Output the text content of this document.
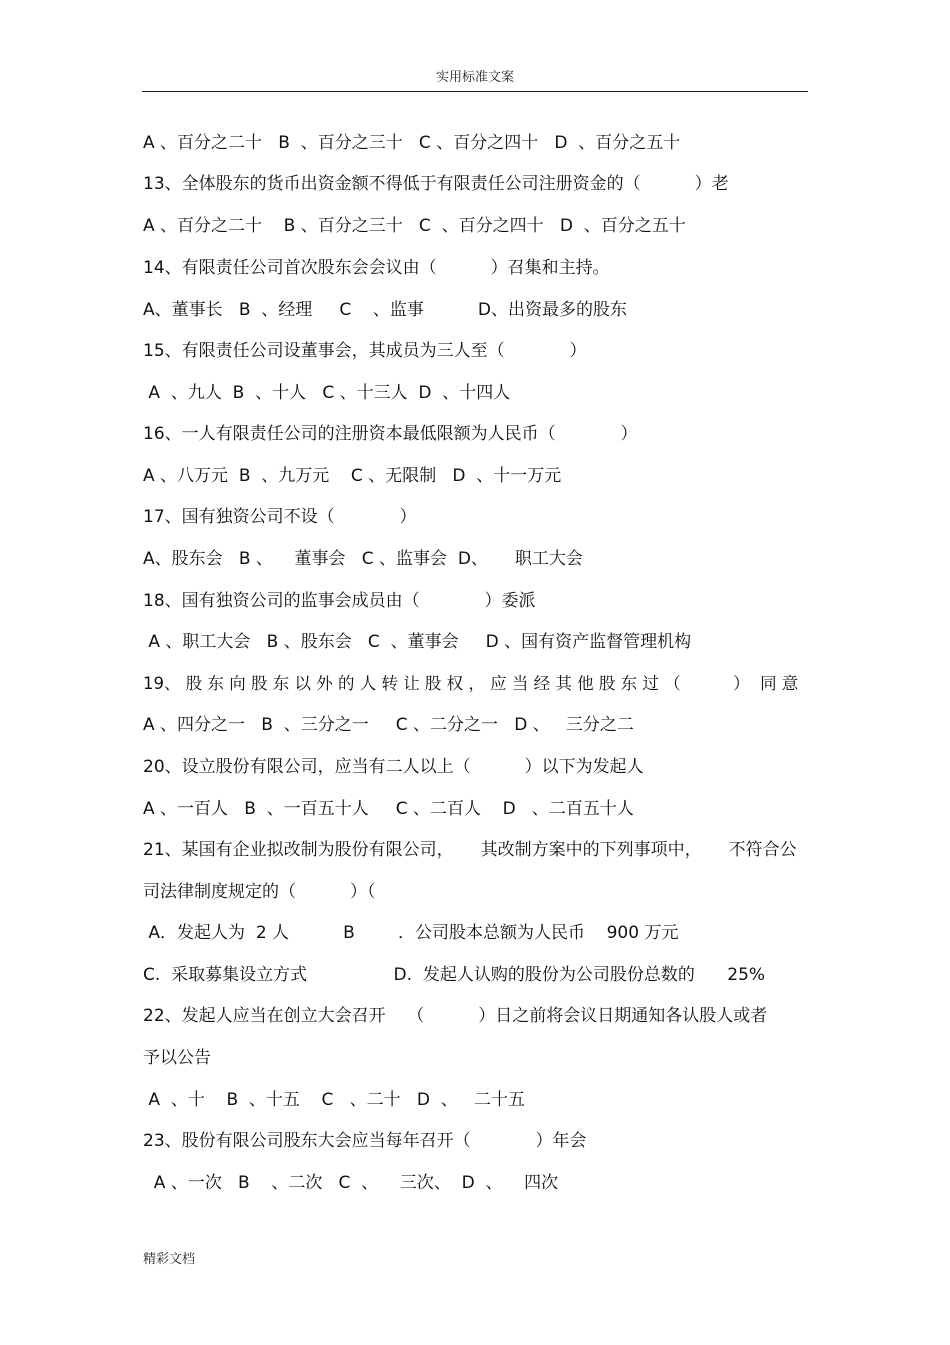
实用标准文案
A 、百分之二十   B  、百分之三十   C 、百分之四十   D  、百分之五十
13、全体股东的货币出资金额不得低于有限责任公司注册资金的（          ）老
A 、百分之二十    B 、百分之三十   C  、百分之四十   D  、百分之五十
14、有限责任公司首次股东会会议由（          ）召集和主持。
A、董事长   B  、经理     C    、监事          D、出资最多的股东
15、有限责任公司设董事会，其成员为三人至（            ）
A  、九人  B  、十人   C 、十三人  D  、十四人
16、一人有限责任公司的注册资本最低限额为人民币（            ）
A 、八万元  B  、九万元    C 、无限制   D  、十一万元
17、国有独资公司不设（            ）
A、股东会   B 、    董事会   C 、监事会  D、     职工大会
18、国有独资公司的监事会成员由（            ）委派
A 、职工大会   B 、股东会   C  、董事会     D 、国有资产监督管理机构
19、 股 东 向 股 东 以 外 的 人 转 让 股 权 ， 应 当 经 其 他 股 东 过 （          ）  同 意
A 、四分之一   B  、三分之一     C 、二分之一   D 、   三分之二
20、设立股份有限公司，应当有二人以上（          ）以下为发起人
A 、一百人   B  、一百五十人     C 、二百人    D   、二百五十人
21、某国有企业拟改制为股份有限公司，     其改制方案中的下列事项中，     不符合公
司法律制度规定的（          ）（
A．发起人为  2 人          B        ．公司股本总额为人民币    900 万元
C.  采取募集设立方式                D.  发起人认购的股份为公司股份总数的      25%
22、发起人应当在创立大会召开    （          ）日之前将会议日期通知各认股人或者
予以公告
A  、十    B  、十五    C   、二十   D  、   二十五
23、股份有限公司股东大会应当每年召开（            ）年会
A 、一次   B    、二次   C  、    三次、  D  、    四次
精彩文档
